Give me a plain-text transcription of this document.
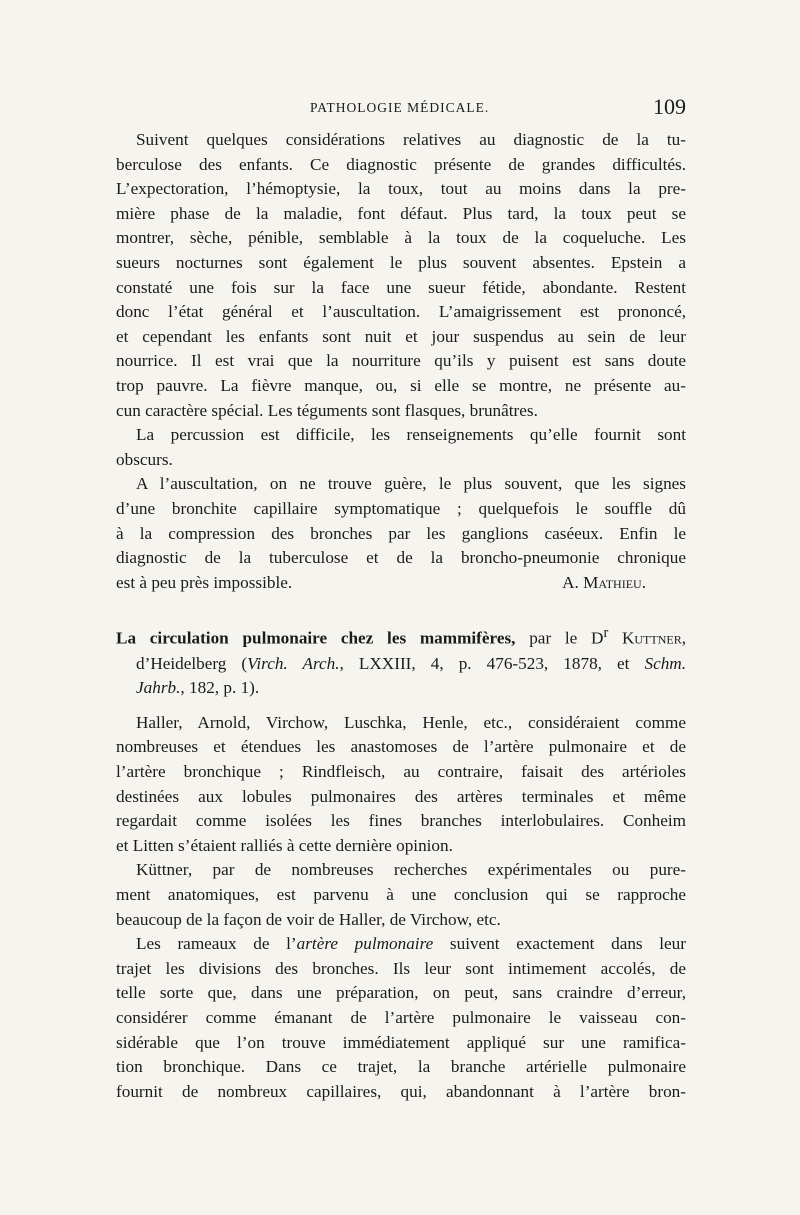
PATHOLOGIE MÉDICALE.	109
Suivent quelques considérations relatives au diagnostic de la tu-
berculose des enfants. Ce diagnostic présente de grandes difficultés.
L’expectoration, l’hémoptysie, la toux, tout au moins dans la pre-
mière phase de la maladie, font défaut. Plus tard, la toux peut se
montrer, sèche, pénible, semblable à la toux de la coqueluche. Les
sueurs nocturnes sont également le plus souvent absentes. Epstein a
constaté une fois sur la face une sueur fétide, abondante. Restent
donc l’état général et l’auscultation. L’amaigrissement est prononcé,
et cependant les enfants sont nuit et jour suspendus au sein de leur
nourrice. Il est vrai que la nourriture qu’ils y puisent est sans doute
trop pauvre. La fièvre manque, ou, si elle se montre, ne présente au-
cun caractère spécial. Les téguments sont flasques, brunâtres.
La percussion est difficile, les renseignements qu’elle fournit sont
obscurs.
A l’auscultation, on ne trouve guère, le plus souvent, que les signes
d’une bronchite capillaire symptomatique ; quelquefois le souffle dû
à la compression des bronches par les ganglions caséeux. Enfin le
diagnostic de la tuberculose et de la broncho-pneumonie chronique
est à peu près impossible.	A. Mathieu.
La circulation pulmonaire chez les mammifères, par le $D^r$ Kuttner,
d’Heidelberg (Virch. Arch., LXXIII, 4, p. 476-523, 1878, et Schm.
Jahrb., 182, p. 1).
Haller, Arnold, Virchow, Luschka, Henle, etc., considéraient comme
nombreuses et étendues les anastomoses de l’artère pulmonaire et de
l’artère bronchique ; Rindfleisch, au contraire, faisait des artérioles
destinées aux lobules pulmonaires des artères terminales et même
regardait comme isolées les fines branches interlobulaires. Conheim
et Litten s’étaient ralliés à cette dernière opinion.
Küttner, par de nombreuses recherches expérimentales ou pure-
ment anatomiques, est parvenu à une conclusion qui se rapproche
beaucoup de la façon de voir de Haller, de Virchow, etc.
Les rameaux de l’artère pulmonaire suivent exactement dans leur
trajet les divisions des bronches. Ils leur sont intimement accolés, de
telle sorte que, dans une préparation, on peut, sans craindre d’erreur,
considérer comme émanant de l’artère pulmonaire le vaisseau con-
sidérable que l’on trouve immédiatement appliqué sur une ramifica-
tion bronchique. Dans ce trajet, la branche artérielle pulmonaire
fournit de nombreux capillaires, qui, abandonnant à l’artère bron-
